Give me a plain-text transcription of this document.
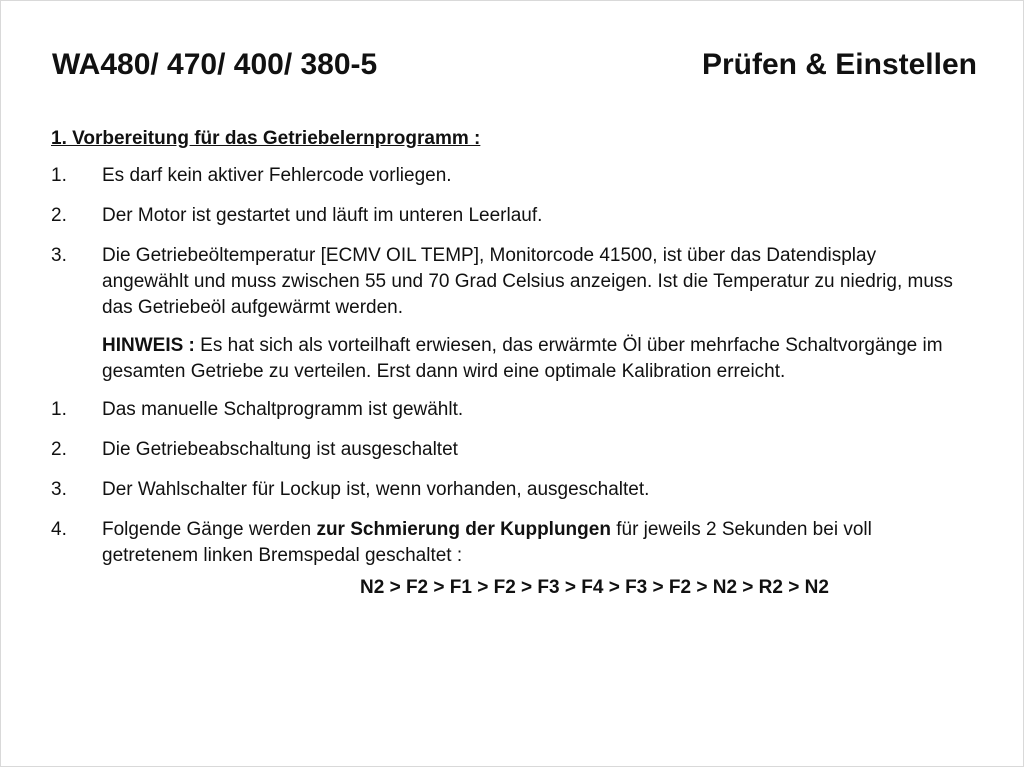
WA480/ 470/ 400/ 380-5	Prüfen & Einstellen
1. Vorbereitung für das Getriebelernprogramm :
1.	Es darf kein aktiver Fehlercode vorliegen.
2.	Der Motor ist gestartet und läuft im unteren Leerlauf.
3.	Die Getriebeöltemperatur [ECMV OIL TEMP], Monitorcode 41500, ist über das Datendisplay angewählt und muss zwischen 55 und 70 Grad Celsius anzeigen. Ist die Temperatur zu niedrig, muss das Getriebeöl aufgewärmt werden.
HINWEIS : Es hat sich als vorteilhaft erwiesen, das erwärmte Öl über mehrfache Schaltvorgänge im gesamten Getriebe zu verteilen. Erst dann wird eine optimale Kalibration erreicht.
1.	Das manuelle Schaltprogramm ist gewählt.
2.	Die Getriebeabschaltung ist ausgeschaltet
3.	Der Wahlschalter für Lockup ist, wenn vorhanden, ausgeschaltet.
4.	Folgende Gänge werden zur Schmierung der Kupplungen für jeweils 2 Sekunden bei voll getretenem linken Bremspedal geschaltet :
N2 > F2 > F1 > F2 > F3 > F4 > F3 > F2 > N2 > R2 > N2
